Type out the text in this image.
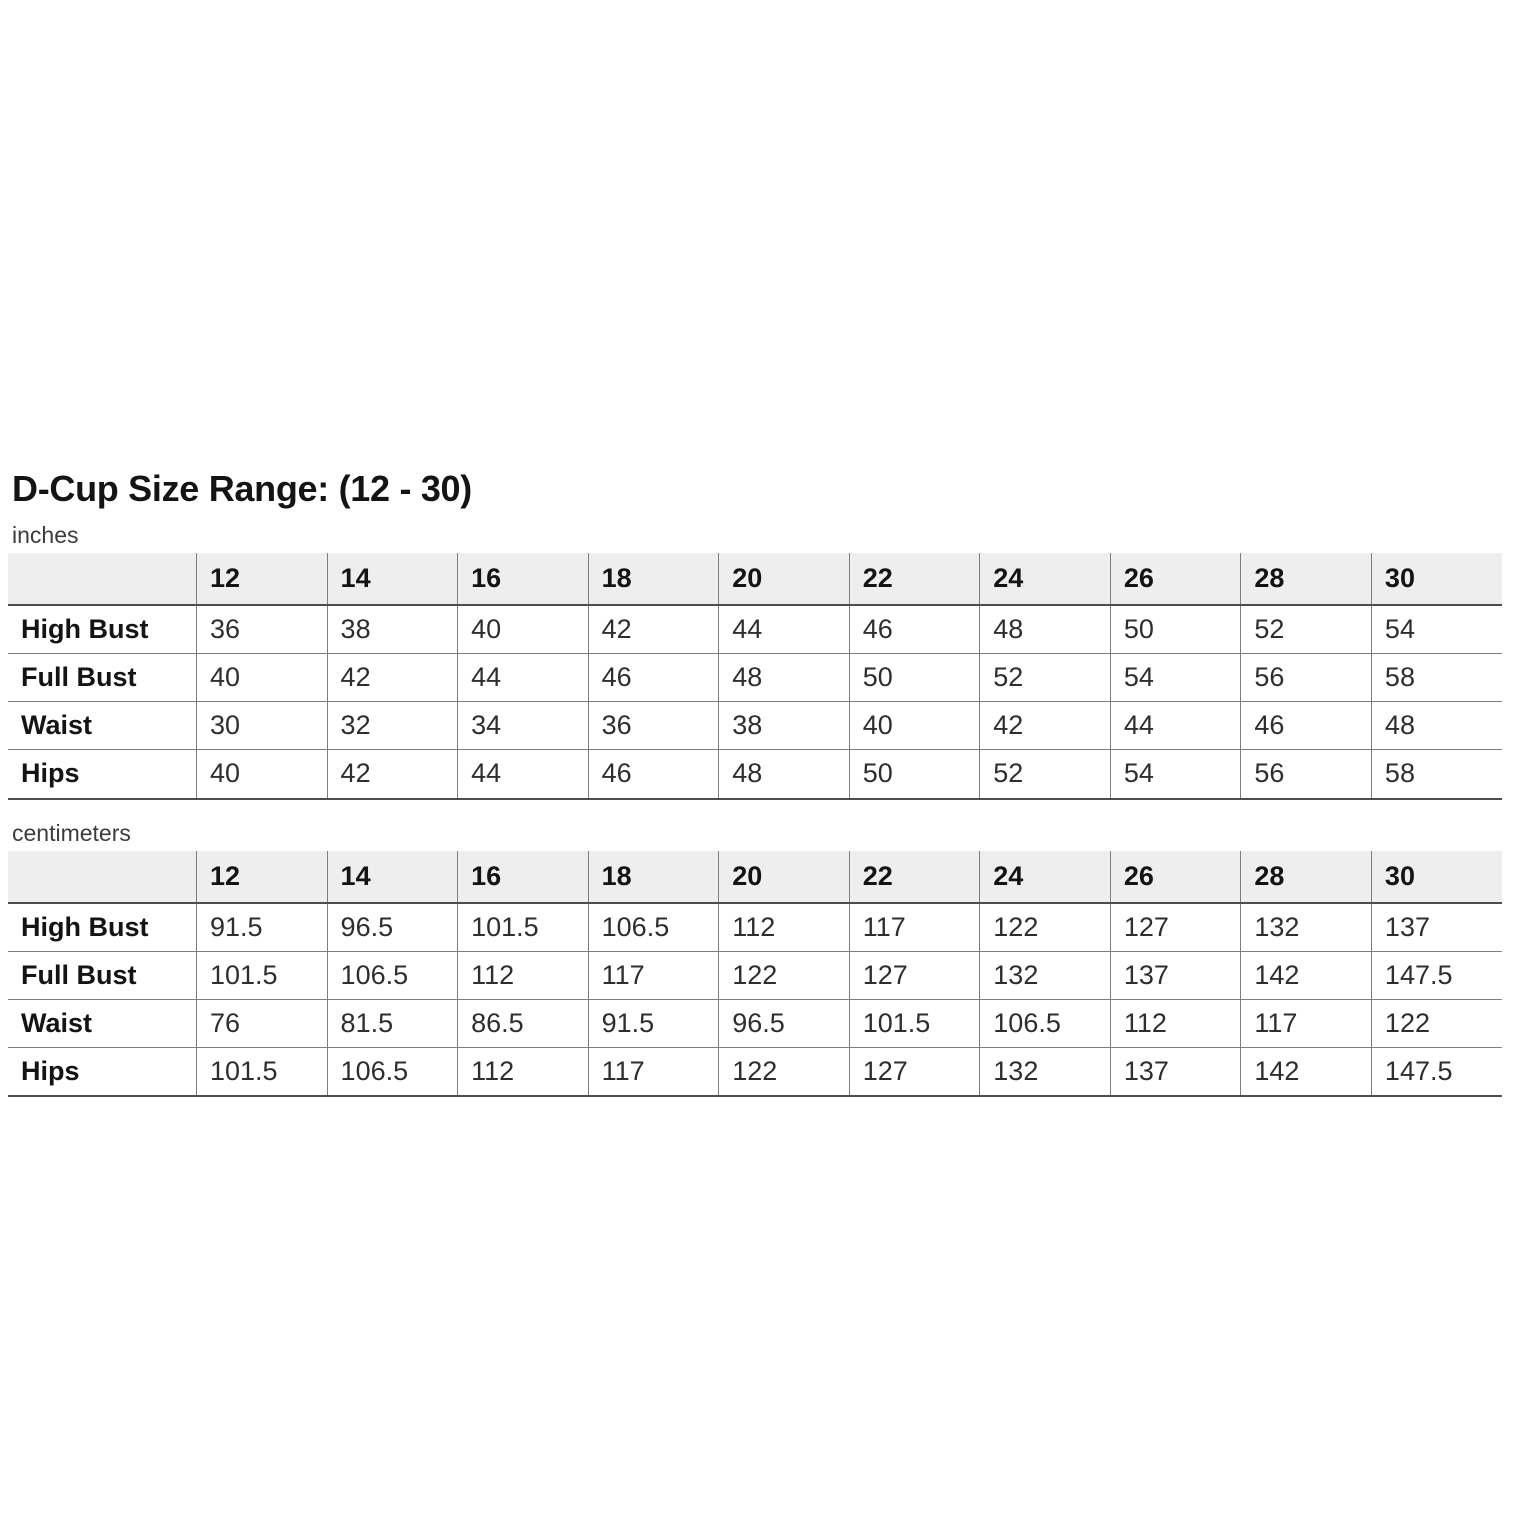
D-Cup Size Range: (12 - 30)
inches
	12	14	16	18	20	22	24	26	28	30
High Bust	36	38	40	42	44	46	48	50	52	54
Full Bust	40	42	44	46	48	50	52	54	56	58
Waist	30	32	34	36	38	40	42	44	46	48
Hips	40	42	44	46	48	50	52	54	56	58
centimeters
	12	14	16	18	20	22	24	26	28	30
High Bust	91.5	96.5	101.5	106.5	112	117	122	127	132	137
Full Bust	101.5	106.5	112	117	122	127	132	137	142	147.5
Waist	76	81.5	86.5	91.5	96.5	101.5	106.5	112	117	122
Hips	101.5	106.5	112	117	122	127	132	137	142	147.5
